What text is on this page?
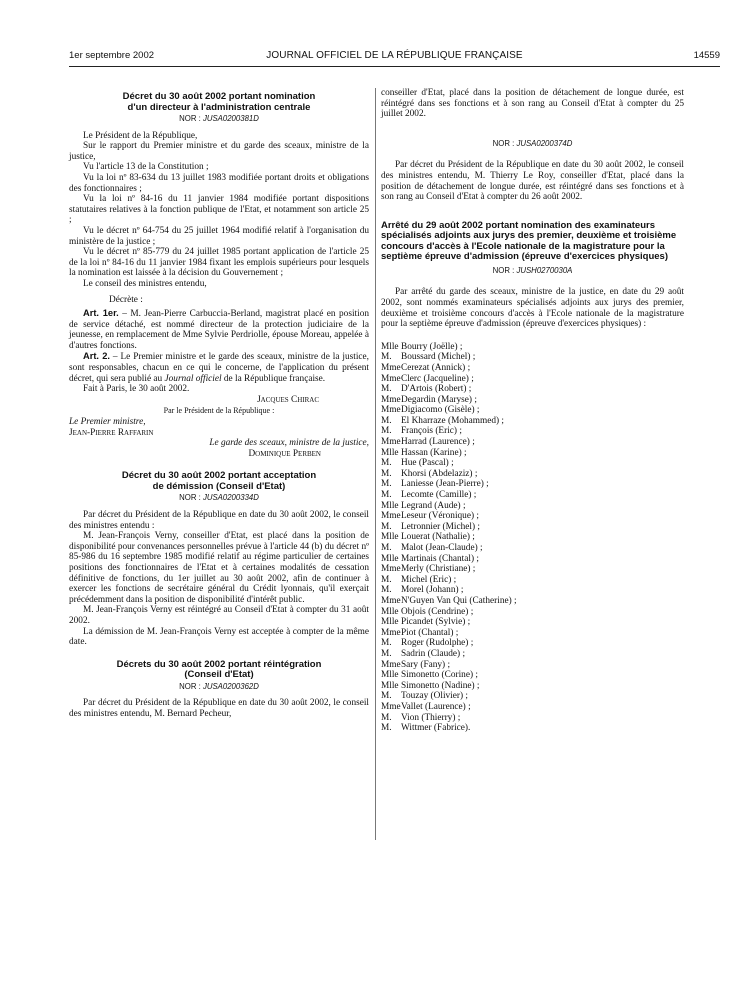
1er septembre 2002	JOURNAL OFFICIEL DE LA RÉPUBLIQUE FRANÇAISE	14559
Décret du 30 août 2002 portant nomination
d'un directeur à l'administration centrale
NOR : JUSA0200381D

Le Président de la République,

Sur le rapport du Premier ministre et du garde des sceaux, ministre de la justice,

Vu l'article 13 de la Constitution ;

Vu la loi nº 83-634 du 13 juillet 1983 modifiée portant droits et obligations des fonctionnaires ;

Vu la loi nº 84-16 du 11 janvier 1984 modifiée portant dispositions statutaires relatives à la fonction publique de l'Etat, et notamment son article 25 ;

Vu le décret nº 64-754 du 25 juillet 1964 modifié relatif à l'organisation du ministère de la justice ;

Vu le décret nº 85-779 du 24 juillet 1985 portant application de l'article 25 de la loi nº 84-16 du 11 janvier 1984 fixant les emplois supérieurs pour lesquels la nomination est laissée à la décision du Gouvernement ;

Le conseil des ministres entendu,

Décrète :

Art. 1er. – M. Jean-Pierre Carbuccia-Berland, magistrat placé en position de service détaché, est nommé directeur de la protection judiciaire de la jeunesse, en remplacement de Mme Sylvie Perdriolle, épouse Moreau, appelée à d'autres fonctions.

Art. 2. – Le Premier ministre et le garde des sceaux, ministre de la justice, sont responsables, chacun en ce qui le concerne, de l'application du présent décret, qui sera publié au Journal officiel de la République française.

Fait à Paris, le 30 août 2002.

Jacques Chirac
Par le Président de la République :
Le Premier ministre,
Jean-Pierre Raffarin
Le garde des sceaux, ministre de la justice,
Dominique Perben
Décret du 30 août 2002 portant acceptation
de démission (Conseil d'Etat)
NOR : JUSA0200334D

Par décret du Président de la République en date du 30 août 2002, le conseil des ministres entendu :

M. Jean-François Verny, conseiller d'Etat, est placé dans la position de disponibilité pour convenances personnelles prévue à l'article 44 (b) du décret nº 85-986 du 16 septembre 1985 modifié relatif au régime particulier de certaines positions des fonctionnaires de l'Etat et à certaines modalités de cessation définitive de fonctions, du 1er juillet au 30 août 2002, afin de continuer à exercer les fonctions de secrétaire général du Crédit lyonnais, qu'il exerçait précédemment dans la position de disponibilité d'intérêt public.

M. Jean-François Verny est réintégré au Conseil d'Etat à compter du 31 août 2002.

La démission de M. Jean-François Verny est acceptée à compter de la même date.

Décrets du 30 août 2002 portant réintégration
(Conseil d'Etat)
NOR : JUSA0200362D

Par décret du Président de la République en date du 30 août 2002, le conseil des ministres entendu, M. Bernard Pecheur,

conseiller d'Etat, placé dans la position de détachement de longue durée, est réintégré dans ses fonctions et à son rang au Conseil d'Etat à compter du 25 juillet 2002.

NOR : JUSA0200374D

Par décret du Président de la République en date du 30 août 2002, le conseil des ministres entendu, M. Thierry Le Roy, conseiller d'Etat, placé dans la position de détachement de longue durée, est réintégré dans ses fonctions et à son rang au Conseil d'Etat à compter du 26 août 2002.

Arrêté du 29 août 2002 portant nomination des examinateurs spécialisés adjoints aux jurys des premier, deuxième et troisième concours d'accès à l'Ecole nationale de la magistrature pour la septième épreuve d'admission (épreuve d'exercices physiques)
NOR : JUSH0270030A

Par arrêté du garde des sceaux, ministre de la justice, en date du 29 août 2002, sont nommés examinateurs spécialisés adjoints aux jurys des premier, deuxième et troisième concours d'accès à l'Ecole nationale de la magistrature pour la septième épreuve d'admission (épreuve d'exercices physiques) :

Mlle Bourry (Joëlle) ;
M. Boussard (Michel) ;
MmeCerezat (Annick) ;
MmeClerc (Jacqueline) ;
M. D'Artois (Robert) ;
MmeDegardin (Maryse) ;
MmeDigiacomo (Gisèle) ;
M. El Kharraze (Mohammed) ;
M. François (Eric) ;
MmeHarrad (Laurence) ;
Mlle Hassan (Karine) ;
M. Hue (Pascal) ;
M. Khorsi (Abdelaziz) ;
M. Laniesse (Jean-Pierre) ;
M. Lecomte (Camille) ;
Mlle Legrand (Aude) ;
MmeLeseur (Véronique) ;
M. Letronnier (Michel) ;
Mlle Louerat (Nathalie) ;
M. Malot (Jean-Claude) ;
Mlle Martinais (Chantal) ;
MmeMerly (Christiane) ;
M. Michel (Eric) ;
M. Morel (Johann) ;
MmeN'Guyen Van Qui (Catherine) ;
Mlle Objois (Cendrine) ;
Mlle Picandet (Sylvie) ;
MmePiot (Chantal) ;
M. Roger (Rudolphe) ;
M. Sadrin (Claude) ;
MmeSary (Fany) ;
Mlle Simonetto (Corine) ;
Mlle Simonetto (Nadine) ;
M. Touzay (Olivier) ;
MmeVallet (Laurence) ;
M. Vion (Thierry) ;
M. Wittmer (Fabrice).
